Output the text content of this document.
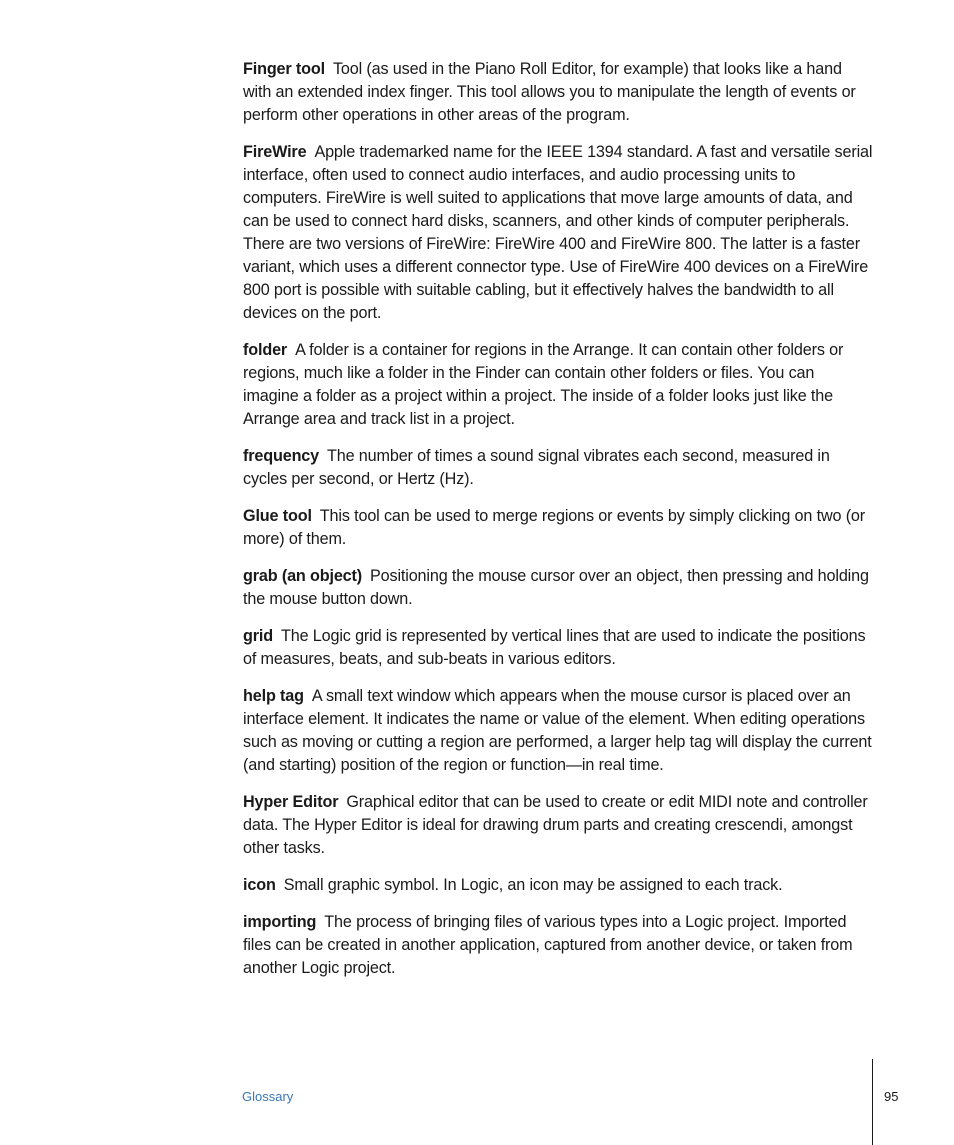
Finger tool Tool (as used in the Piano Roll Editor, for example) that looks like a hand with an extended index finger. This tool allows you to manipulate the length of events or perform other operations in other areas of the program.

FireWire Apple trademarked name for the IEEE 1394 standard. A fast and versatile serial interface, often used to connect audio interfaces, and audio processing units to computers. FireWire is well suited to applications that move large amounts of data, and can be used to connect hard disks, scanners, and other kinds of computer peripherals. There are two versions of FireWire: FireWire 400 and FireWire 800. The latter is a faster variant, which uses a different connector type. Use of FireWire 400 devices on a FireWire 800 port is possible with suitable cabling, but it effectively halves the bandwidth to all devices on the port.

folder A folder is a container for regions in the Arrange. It can contain other folders or regions, much like a folder in the Finder can contain other folders or files. You can imagine a folder as a project within a project. The inside of a folder looks just like the Arrange area and track list in a project.

frequency The number of times a sound signal vibrates each second, measured in cycles per second, or Hertz (Hz).

Glue tool This tool can be used to merge regions or events by simply clicking on two (or more) of them.

grab (an object) Positioning the mouse cursor over an object, then pressing and holding the mouse button down.

grid The Logic grid is represented by vertical lines that are used to indicate the positions of measures, beats, and sub-beats in various editors.

help tag A small text window which appears when the mouse cursor is placed over an interface element. It indicates the name or value of the element. When editing operations such as moving or cutting a region are performed, a larger help tag will display the current (and starting) position of the region or function—in real time.

Hyper Editor Graphical editor that can be used to create or edit MIDI note and controller data. The Hyper Editor is ideal for drawing drum parts and creating crescendi, amongst other tasks.

icon Small graphic symbol. In Logic, an icon may be assigned to each track.

importing The process of bringing files of various types into a Logic project. Imported files can be created in another application, captured from another device, or taken from another Logic project.

Glossary	95
